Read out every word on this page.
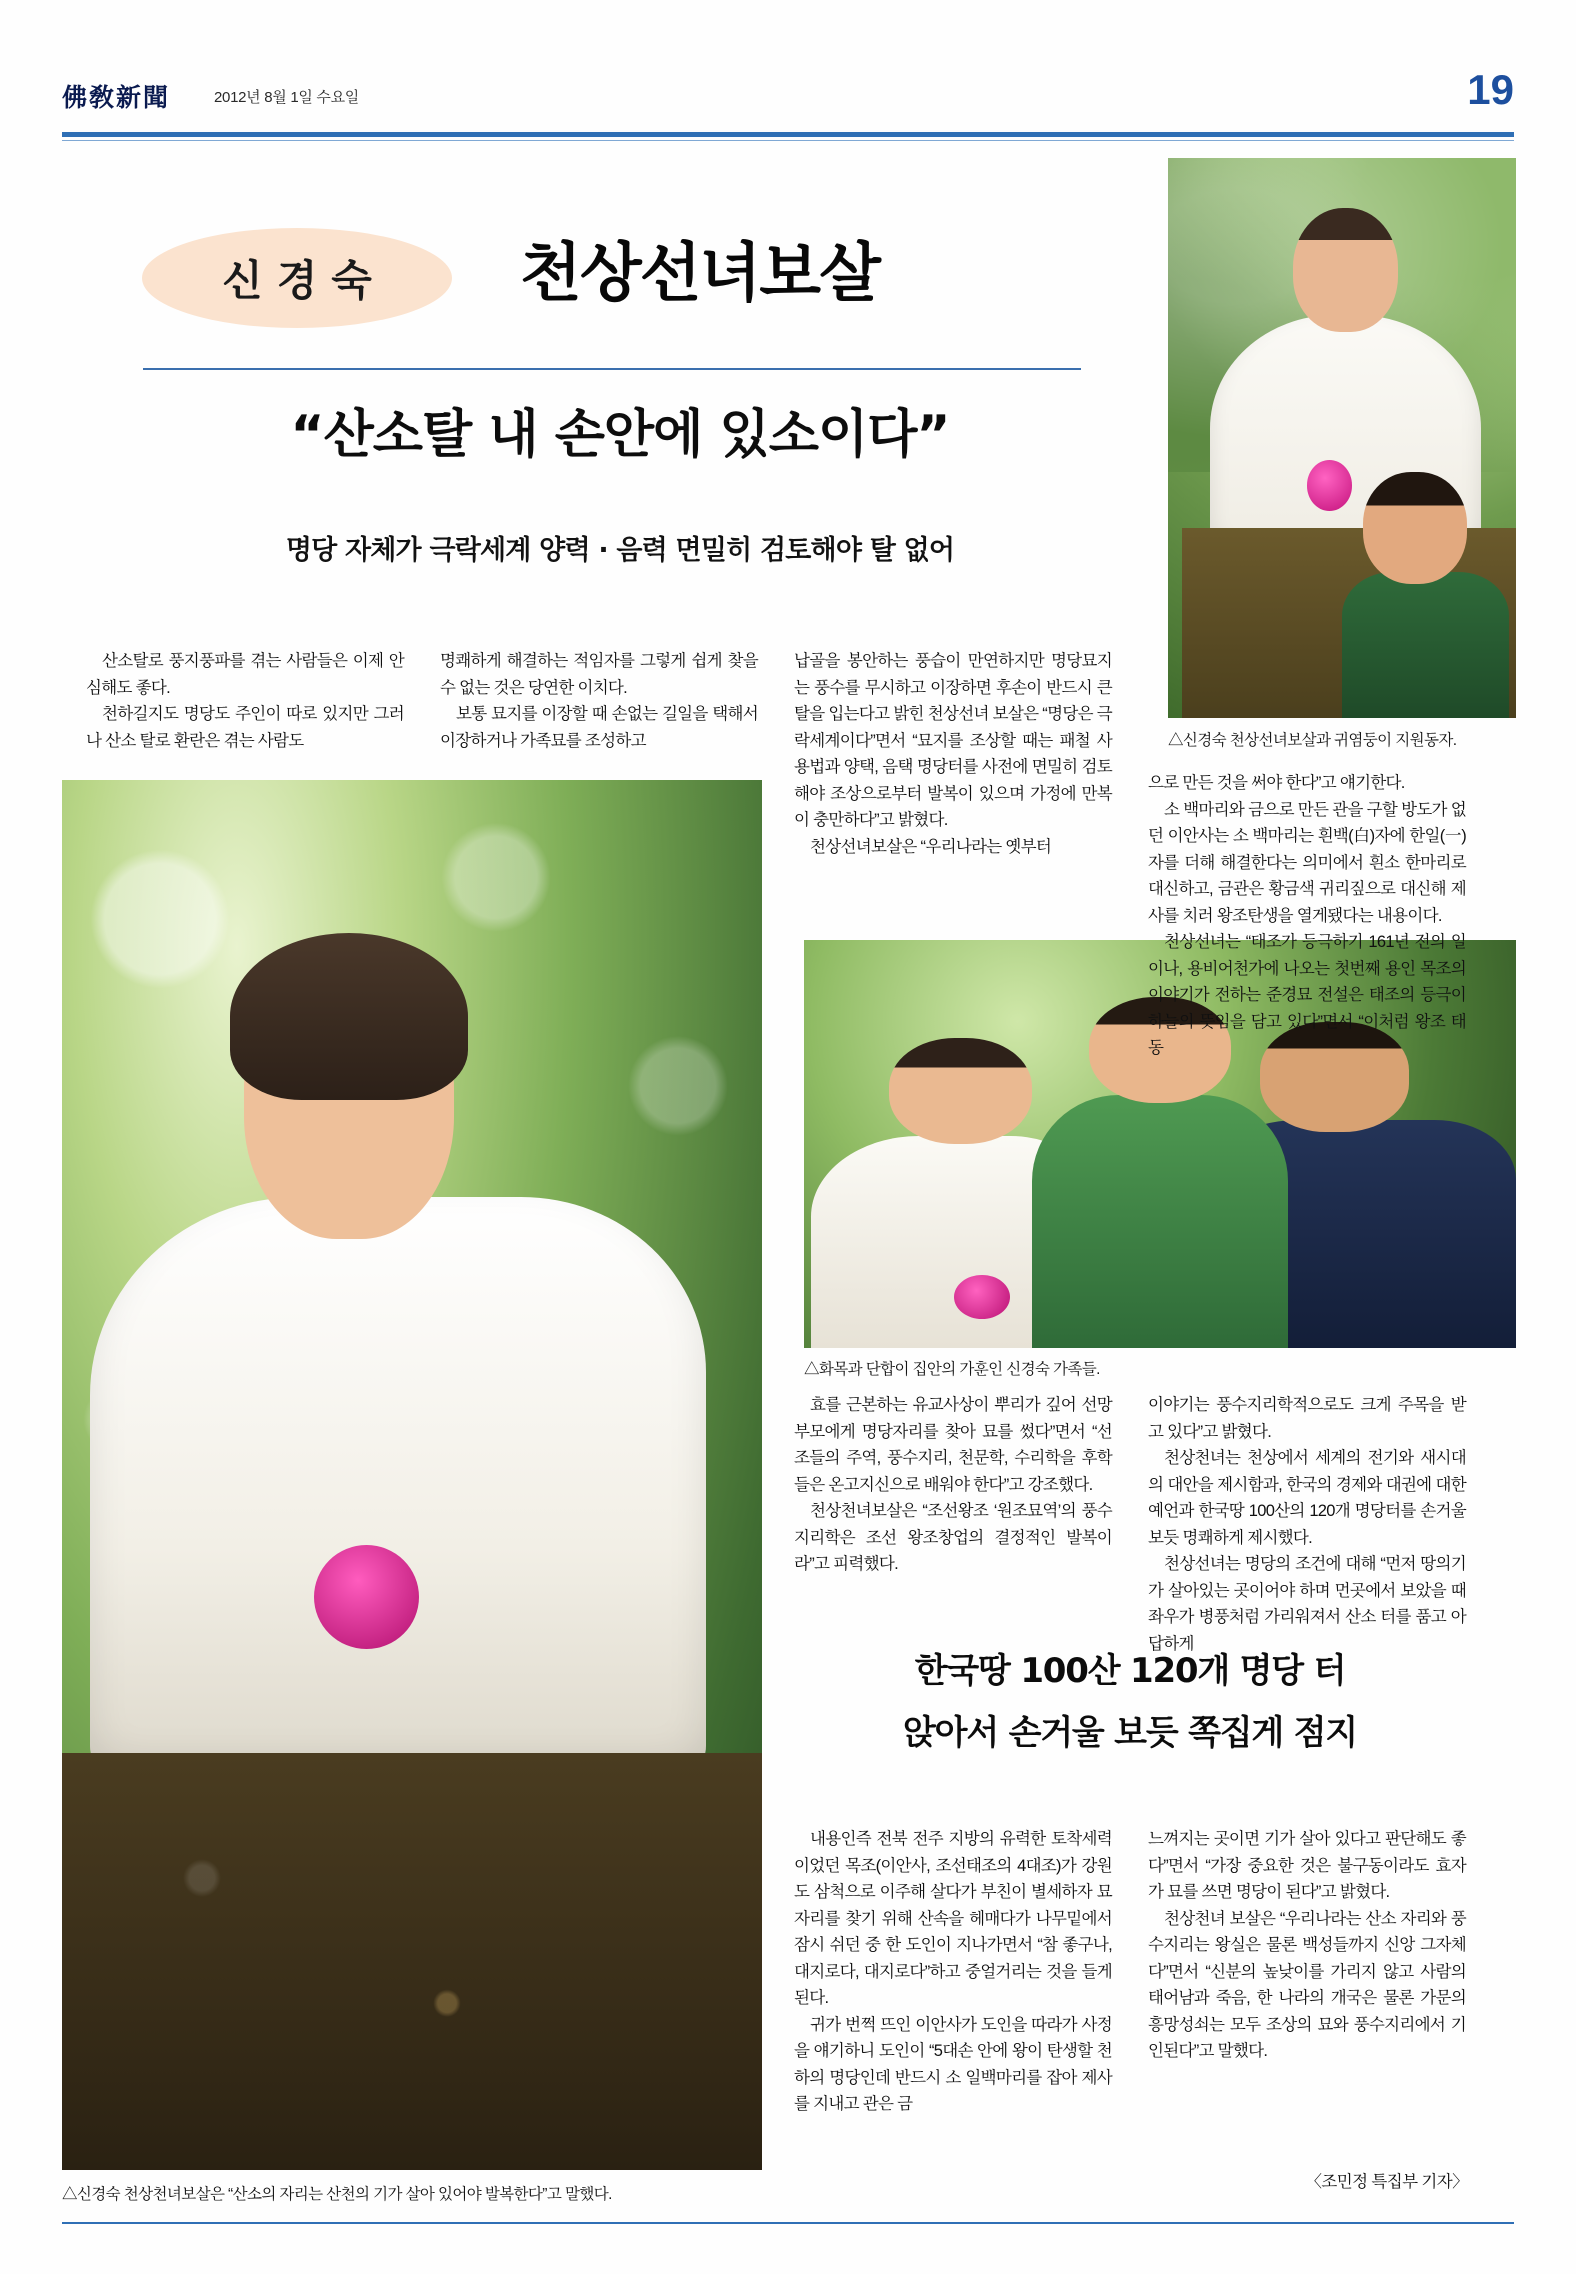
佛敎新聞	2012년 8월 1일 수요일	19
신경숙 천상선녀보살
“산소탈 내 손안에 있소이다”
명당 자체가 극락세계 양력 · 음력 면밀히 검토해야 탈 없어
△신경숙 천상선녀보살과 귀염둥이 지원동자.
△화목과 단합이 집안의 가훈인 신경숙 가족들.
△신경숙 천상천녀보살은 “산소의 자리는 산천의 기가 살아 있어야 발복한다”고 말했다.

산소탈로 풍지풍파를 겪는 사람들은 이제 안심해도 좋다.

천하길지도 명당도 주인이 따로 있지만 그러나 산소 탈로 환란은 겪는 사람도

명쾌하게 해결하는 적임자를 그렇게 쉽게 찾을 수 없는 것은 당연한 이치다.

보통 묘지를 이장할 때 손없는 길일을 택해서 이장하거나 가족묘를 조성하고

납골을 봉안하는 풍습이 만연하지만 명당묘지는 풍수를 무시하고 이장하면 후손이 반드시 큰 탈을 입는다고 밝힌 천상선녀 보살은 “명당은 극락세계이다”면서 “묘지를 조상할 때는 패철 사용법과 양택, 음택 명당터를 사전에 면밀히 검토해야 조상으로부터 발복이 있으며 가정에 만복이 충만하다”고 밝혔다.

천상선녀보살은 “우리나라는 옛부터

으로 만든 것을 써야 한다”고 얘기한다.

소 백마리와 금으로 만든 관을 구할 방도가 없던 이안사는 소 백마리는 흰백(白)자에 한일(一)자를 더해 해결한다는 의미에서 흰소 한마리로 대신하고, 금관은 황금색 귀리짚으로 대신해 제사를 치러 왕조탄생을 열게됐다는 내용이다.

천상선녀는 “태조가 등극하기 161년 전의 일이나, 용비어천가에 나오는 첫번째 용인 목조의 이야기가 전하는 준경묘 전설은 태조의 등극이 하늘의 뜻임을 담고 있다”면서 “이처럼 왕조 태동

효를 근본하는 유교사상이 뿌리가 깊어 선망부모에게 명당자리를 찾아 묘를 썼다”면서 “선조들의 주역, 풍수지리, 천문학, 수리학을 후학들은 온고지신으로 배워야 한다”고 강조했다.

천상천녀보살은 “조선왕조 ‘원조묘역’의 풍수지리학은 조선 왕조창업의 결정적인 발복이라”고 피력했다.

이야기는 풍수지리학적으로도 크게 주목을 받고 있다”고 밝혔다.

천상천녀는 천상에서 세계의 전기와 새시대의 대안을 제시함과, 한국의 경제와 대권에 대한 예언과 한국땅 100산의 120개 명당터를 손거울 보듯 명쾌하게 제시했다.

천상선녀는 명당의 조건에 대해 “먼저 땅의기가 살아있는 곳이어야 하며 먼곳에서 보았을 때 좌우가 병풍처럼 가리워져서 산소 터를 품고 아답하게

한국땅 100산 120개 명당 터
앉아서 손거울 보듯 쪽집게 점지

내용인즉 전북 전주 지방의 유력한 토착세력이었던 목조(이안사, 조선태조의 4대조)가 강원도 삼척으로 이주해 살다가 부친이 별세하자 묘자리를 찾기 위해 산속을 헤매다가 나무밑에서 잠시 쉬던 중 한 도인이 지나가면서 “참 좋구나, 대지로다, 대지로다”하고 중얼거리는 것을 들게된다.

귀가 번쩍 뜨인 이안사가 도인을 따라가 사정을 얘기하니 도인이 “5대손 안에 왕이 탄생할 천하의 명당인데 반드시 소 일백마리를 잡아 제사를 지내고 관은 금

느껴지는 곳이면 기가 살아 있다고 판단해도 좋다”면서 “가장 중요한 것은 불구동이라도 효자가 묘를 쓰면 명당이 된다”고 밝혔다.

천상천녀 보살은 “우리나라는 산소 자리와 풍수지리는 왕실은 물론 백성들까지 신앙 그자체다”면서 “신분의 높낮이를 가리지 않고 사람의 태어남과 죽음, 한 나라의 개국은 물론 가문의 흥망성쇠는 모두 조상의 묘와 풍수지리에서 기인된다”고 말했다.

〈조민정 특집부 기자〉
